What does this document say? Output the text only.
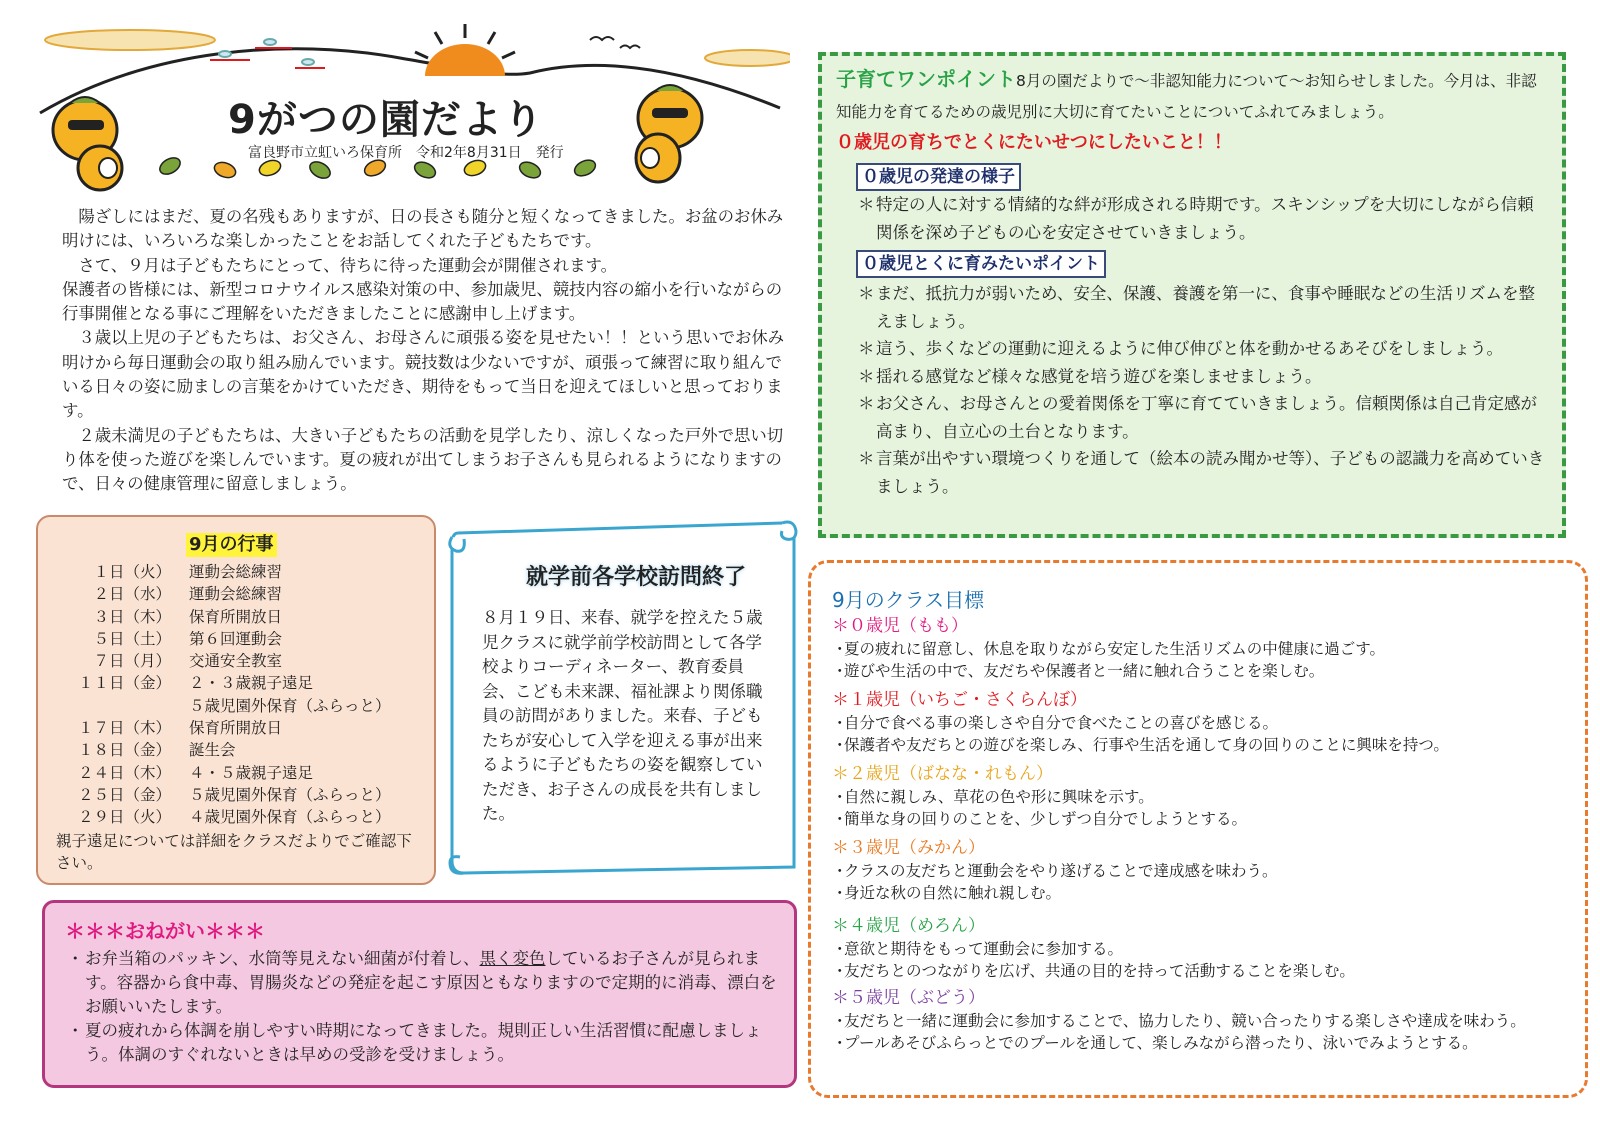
9がつの園だより
富良野市立虹いろ保育所 令和2年8月31日 発行

陽ざしにはまだ、夏の名残もありますが、日の長さも随分と短くなってきました。お盆のお休み明けには、いろいろな楽しかったことをお話してくれた子どもたちです。

さて、９月は子どもたちにとって、待ちに待った運動会が開催されます。

保護者の皆様には、新型コロナウイルス感染対策の中、参加歳児、競技内容の縮小を行いながらの行事開催となる事にご理解をいただきましたことに感謝申し上げます。

３歳以上児の子どもたちは、お父さん、お母さんに頑張る姿を見せたい！！という思いでお休み明けから毎日運動会の取り組み励んでいます。競技数は少ないですが、頑張って練習に取り組んでいる日々の姿に励ましの言葉をかけていただき、期待をもって当日を迎えてほしいと思っております。

２歳未満児の子どもたちは、大きい子どもたちの活動を見学したり、涼しくなった戸外で思い切り体を使った遊びを楽しんでいます。夏の疲れが出てしまうお子さんも見られるようになりますので、日々の健康管理に留意しましょう。

9月の行事
１日（火）	運動会総練習
２日（水）	運動会総練習
３日（木）	保育所開放日
５日（土）	第６回運動会
７日（月）	交通安全教室
１１日（金）	２・３歳親子遠足
５歳児園外保育（ふらっと）
１７日（木）	保育所開放日
１８日（金）	誕生会
２４日（木）	４・５歳親子遠足
２５日（金）	５歳児園外保育（ふらっと）
２９日（火）	４歳児園外保育（ふらっと）
親子遠足については詳細をクラスだよりでご確認下さい。
就学前各学校訪問終了
８月１９日、来春、就学を控えた５歳児クラスに就学前学校訪問として各学校よりコーディネーター、教育委員会、こども未来課、福祉課より関係職員の訪問がありました。来春、子どもたちが安心して入学を迎える事が出来るように子どもたちの姿を観察していただき、お子さんの成長を共有しました。
＊＊＊おねがい＊＊＊
・ お弁当箱のパッキン、水筒等見えない細菌が付着し、黒く変色しているお子さんが見られます。容器から食中毒、胃腸炎などの発症を起こす原因ともなりますので定期的に消毒、漂白をお願いいたします。
・ 夏の疲れから体調を崩しやすい時期になってきました。規則正しい生活習慣に配慮しましょう。体調のすぐれないときは早めの受診を受けましょう。
子育てワンポイント8月の園だよりで～非認知能力について～お知らせしました。今月は、非認知能力を育てるための歳児別に大切に育てたいことについてふれてみましょう。
０歳児の育ちでとくにたいせつにしたいこと！！
０歳児の発達の様子
＊ 特定の人に対する情緒的な絆が形成される時期です。スキンシップを大切にしながら信頼関係を深め子どもの心を安定させていきましょう。
０歳児とくに育みたいポイント
＊ まだ、抵抗力が弱いため、安全、保護、養護を第一に、食事や睡眠などの生活リズムを整えましょう。
＊ 這う、歩くなどの運動に迎えるように伸び伸びと体を動かせるあそびをしましょう。
＊ 揺れる感覚など様々な感覚を培う遊びを楽しませましょう。
＊ お父さん、お母さんとの愛着関係を丁寧に育てていきましょう。信頼関係は自己肯定感が高まり、自立心の土台となります。
＊ 言葉が出やすい環境つくりを通して（絵本の読み聞かせ等）、子どもの認識力を高めていきましょう。
9月のクラス目標
＊０歳児（もも）
・
夏の疲れに留意し、休息を取りながら安定した生活リズムの中健康に過ごす。
・
遊びや生活の中で、友だちや保護者と一緒に触れ合うことを楽しむ。
＊１歳児（いちご・さくらんぼ）
・
自分で食べる事の楽しさや自分で食べたことの喜びを感じる。
・
保護者や友だちとの遊びを楽しみ、行事や生活を通して身の回りのことに興味を持つ。
＊２歳児（ばなな・れもん）
・
自然に親しみ、草花の色や形に興味を示す。
・
簡単な身の回りのことを、少しずつ自分でしようとする。
＊３歳児（みかん）
・
クラスの友だちと運動会をやり遂げることで達成感を味わう。
・
身近な秋の自然に触れ親しむ。
＊４歳児（めろん）
・
意欲と期待をもって運動会に参加する。
・
友だちとのつながりを広げ、共通の目的を持って活動することを楽しむ。
＊５歳児（ぶどう）
・
友だちと一緒に運動会に参加することで、協力したり、競い合ったりする楽しさや達成を味わう。
・
プールあそびふらっとでのプールを通して、楽しみながら潜ったり、泳いでみようとする。
